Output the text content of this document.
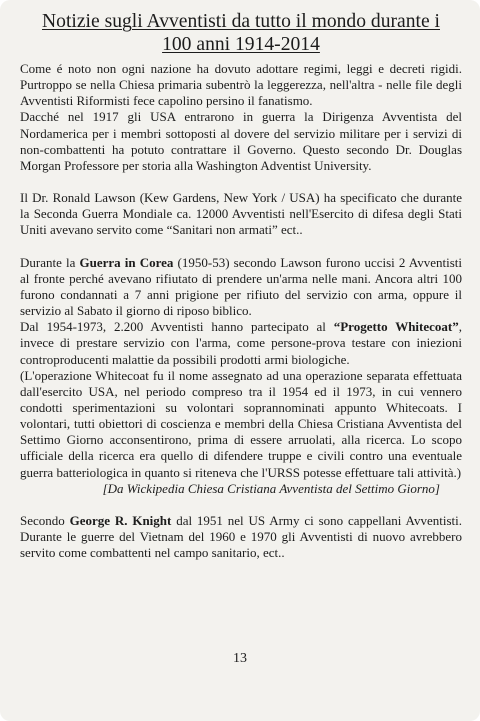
Notizie sugli Avventisti da tutto il mondo durante i
100 anni 1914-2014

Come é noto non ogni nazione ha dovuto adottare regimi, leggi e decreti rigidi. Purtroppo se nella Chiesa primaria subentrò la leggerezza, nell'altra - nelle file degli Avventisti Riformisti fece capolino persino il fanatismo.

Dacché nel 1917 gli USA entrarono in guerra la Dirigenza Avventista del Nordamerica per i membri sottoposti al dovere del servizio militare per i servizi di non-combattenti ha potuto contrattare il Governo. Questo secondo Dr. Douglas Morgan Professore per storia alla Washington Adventist University.

Il Dr. Ronald Lawson (Kew Gardens, New York / USA) ha specificato che durante la Seconda Guerra Mondiale ca. 12000 Avventisti nell'Esercito di difesa degli Stati Uniti avevano servito come “Sanitari non armati” ect..

Durante la Guerra in Corea (1950-53) secondo Lawson furono uccisi 2 Avventisti al fronte perché avevano rifiutato di prendere un'arma nelle mani. Ancora altri 100 furono condannati a 7 anni prigione per rifiuto del servizio con arma, oppure il servizio al Sabato il giorno di riposo biblico.

Dal 1954-1973, 2.200 Avventisti hanno partecipato al “Progetto Whitecoat”, invece di prestare servizio con l'arma, come persone-prova testare con iniezioni controproducenti malattie da possibili prodotti armi biologiche.

(L'operazione Whitecoat fu il nome assegnato ad una operazione separata effettuata dall'esercito USA, nel periodo compreso tra il 1954 ed il 1973, in cui vennero condotti sperimentazioni su volontari soprannominati appunto Whitecoats. I volontari, tutti obiettori di coscienza e membri della Chiesa Cristiana Avventista del Settimo Giorno acconsentirono, prima di essere arruolati, alla ricerca. Lo scopo ufficiale della ricerca era quello di difendere truppe e civili contro una eventuale guerra batteriologica in quanto si riteneva che l'URSS potesse effettuare tali attività.)

[Da Wickipedia Chiesa Cristiana Avventista del Settimo Giorno]

Secondo George R. Knight dal 1951 nel US Army ci sono cappellani Avventisti. Durante le guerre del Vietnam del 1960 e 1970 gli Avventisti di nuovo avrebbero servito come combattenti nel campo sanitario, ect..

13
